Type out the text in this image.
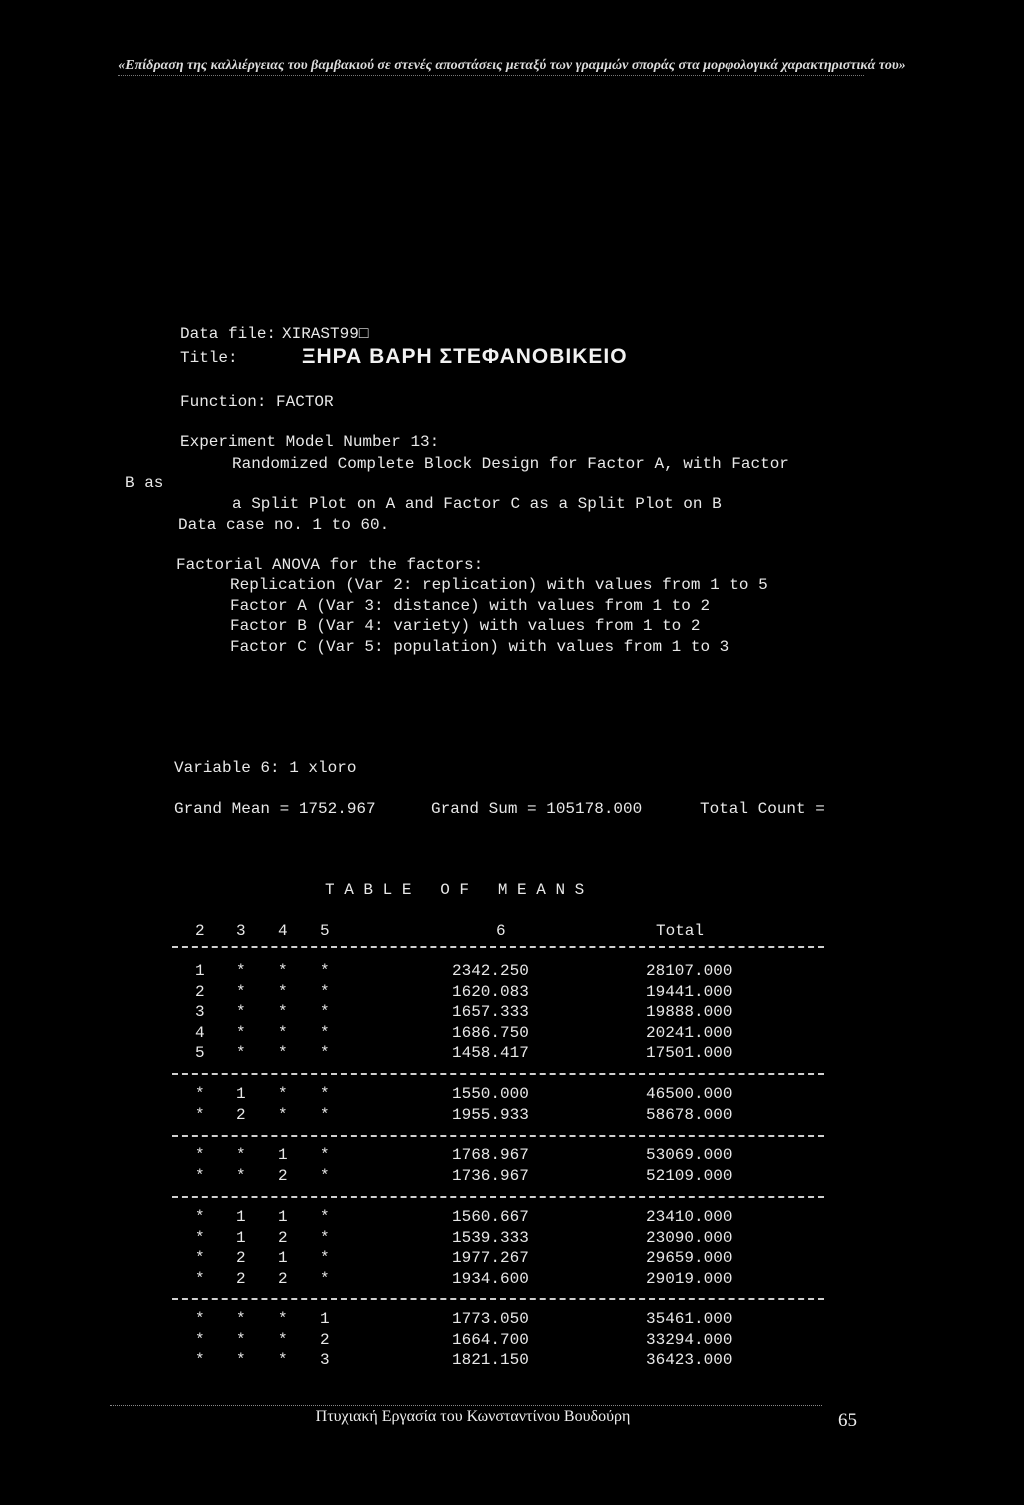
«Επίδραση της καλλιέργειας του βαμβακιού σε στενές αποστάσεις μεταξύ των γραμμών σποράς στα μορφολογικά χαρακτηριστικά του»
Data file: XIRAST99□
Title:	ΞΗΡΑ ΒΑΡΗ ΣΤΕΦΑΝΟΒΙΚΕΙΟ
Function: FACTOR
Experiment Model Number 13:
Randomized Complete Block Design for Factor A, with Factor
B as
a Split Plot on A and Factor C as a Split Plot on B
Data case no. 1 to 60.
Factorial ANOVA for the factors:
Replication (Var 2: replication) with values from 1 to 5
Factor A (Var 3: distance) with values from 1 to 2
Factor B (Var 4: variety) with values from 1 to 2
Factor C (Var 5: population) with values from 1 to 3
Variable 6: 1 xloro
Grand Mean = 1752.967	Grand Sum = 105178.000	Total Count =
T A B L E   O F   M E A N S
2 3 4 5	6	Total
1 * * *	2342.250	28107.000
2 * * *	1620.083	19441.000
3 * * *	1657.333	19888.000
4 * * *	1686.750	20241.000
5 * * *	1458.417	17501.000
* 1 * *	1550.000	46500.000
* 2 * *	1955.933	58678.000
* * 1 *	1768.967	53069.000
* * 2 *	1736.967	52109.000
* 1 1 *	1560.667	23410.000
* 1 2 *	1539.333	23090.000
* 2 1 *	1977.267	29659.000
* 2 2 *	1934.600	29019.000
* * * 1	1773.050	35461.000
* * * 2	1664.700	33294.000
* * * 3	1821.150	36423.000
Πτυχιακή Εργασία του Κωνσταντίνου Βουδούρη	65
